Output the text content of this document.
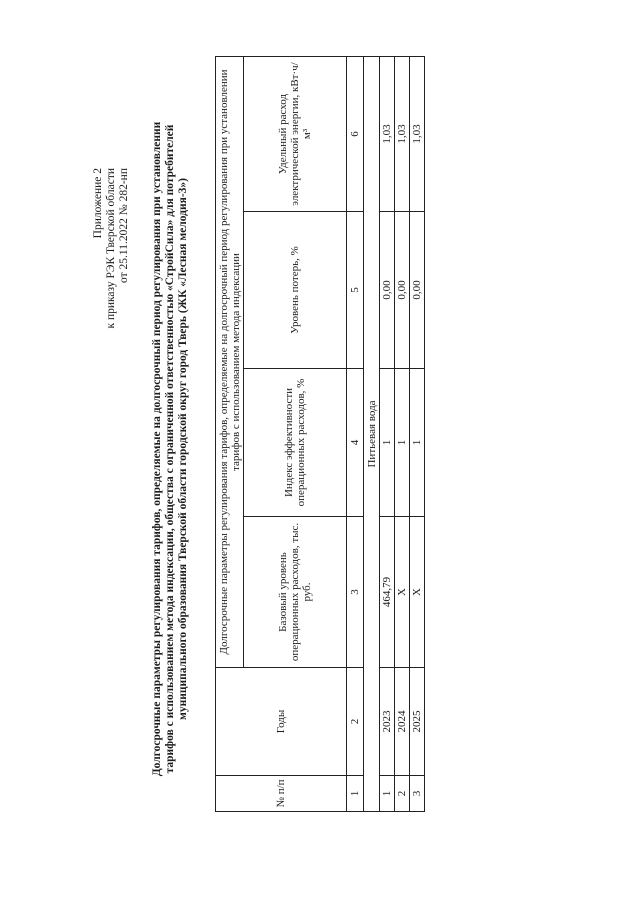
Приложение 2 к приказу РЭК Тверской области от 25.11.2022 № 282-нп Долгосрочные параметры регулирования тарифов, определяемые на долгосрочный период регулирования при установлении тарифов с использованием метода индексации, общества с ограниченной ответственностью «СтройСила» для потребителей муниципального образования Тверской области городской округ город Тверь (ЖК «Лесная мелодия-3»)
№ п/п	Годы	Долгосрочные параметры регулирования тарифов, определяемые на долгосрочный период регулирования при установлении тарифов с использованием метода индексации			
		Базовый уровень операционных расходов, тыс. руб.	Индекс эффективности операционных расходов, %	Уровень потерь, %	Удельный расход электрической энергии, кВт·ч/м³
1	2	3	4	5	6
Питьевая вода					
1	2023	464,79	1	0,00	1,03
2	2024	X	1	0,00	1,03
3	2025	X	1	0,00	1,03
